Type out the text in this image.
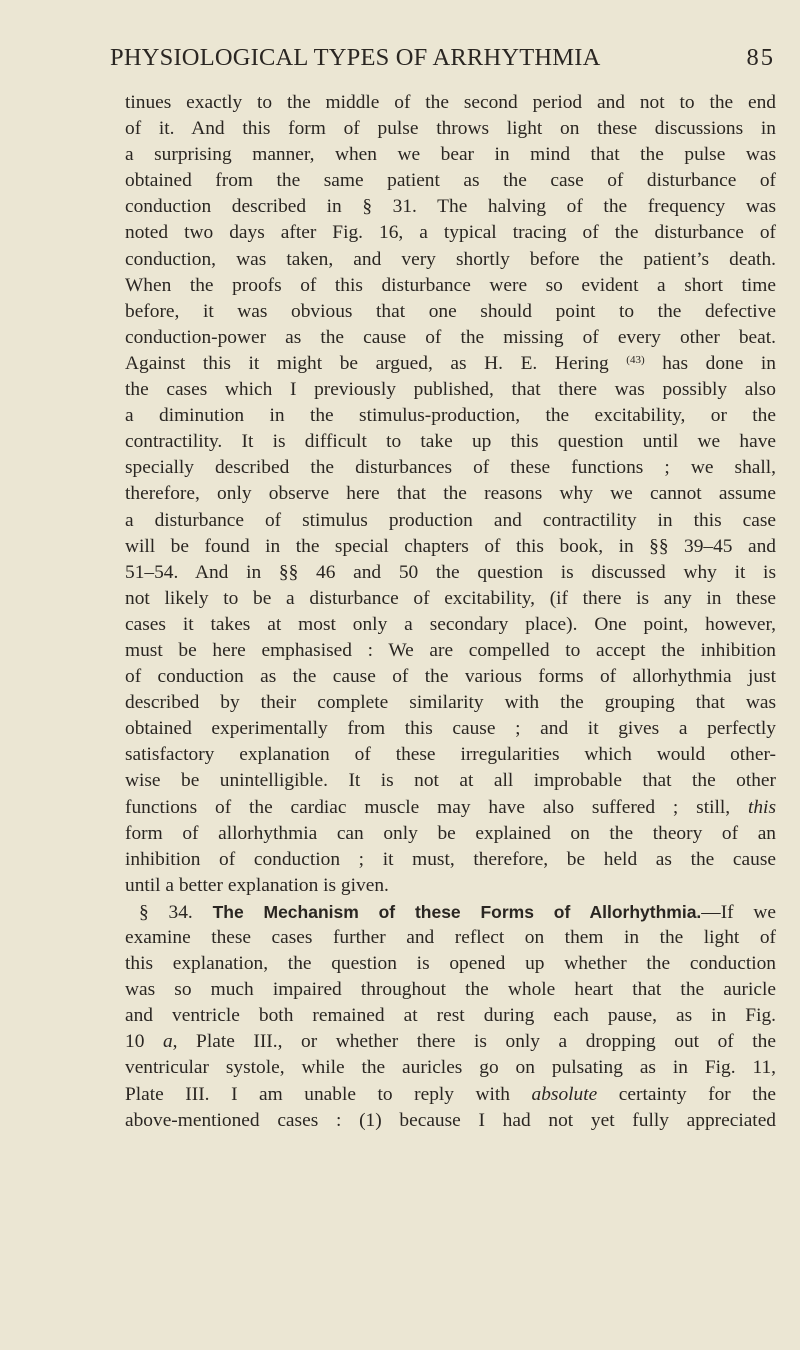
PHYSIOLOGICAL TYPES OF ARRHYTHMIA	85
tinues exactly to the middle of the second period and not to the end
of it. And this form of pulse throws light on these discussions in
a surprising manner, when we bear in mind that the pulse was
obtained from the same patient as the case of disturbance of
conduction described in § 31. The halving of the frequency was
noted two days after Fig. 16, a typical tracing of the disturbance of
conduction, was taken, and very shortly before the patient’s death.
When the proofs of this disturbance were so evident a short time
before, it was obvious that one should point to the defective
conduction-power as the cause of the missing of every other beat.
Against this it might be argued, as H. E. Hering $^{(43)}$ has done in
the cases which I previously published, that there was possibly also
a diminution in the stimulus-production, the excitability, or the
contractility. It is difficult to take up this question until we have
specially described the disturbances of these functions ; we shall,
therefore, only observe here that the reasons why we cannot assume
a disturbance of stimulus production and contractility in this case
will be found in the special chapters of this book, in §§ 39–45 and
51–54. And in §§ 46 and 50 the question is discussed why it is
not likely to be a disturbance of excitability, (if there is any in these
cases it takes at most only a secondary place). One point, however,
must be here emphasised : We are compelled to accept the inhibition
of conduction as the cause of the various forms of allorhythmia just
described by their complete similarity with the grouping that was
obtained experimentally from this cause ; and it gives a perfectly
satisfactory explanation of these irregularities which would other-
wise be unintelligible. It is not at all improbable that the other
functions of the cardiac muscle may have also suffered ; still, this
form of allorhythmia can only be explained on the theory of an
inhibition of conduction ; it must, therefore, be held as the cause
until a better explanation is given.
§ 34. The Mechanism of these Forms of Allorhythmia.—If we
examine these cases further and reflect on them in the light of
this explanation, the question is opened up whether the conduction
was so much impaired throughout the whole heart that the auricle
and ventricle both remained at rest during each pause, as in Fig.
10 a, Plate III., or whether there is only a dropping out of the
ventricular systole, while the auricles go on pulsating as in Fig. 11,
Plate III. I am unable to reply with absolute certainty for the
above-mentioned cases : (1) because I had not yet fully appreciated
